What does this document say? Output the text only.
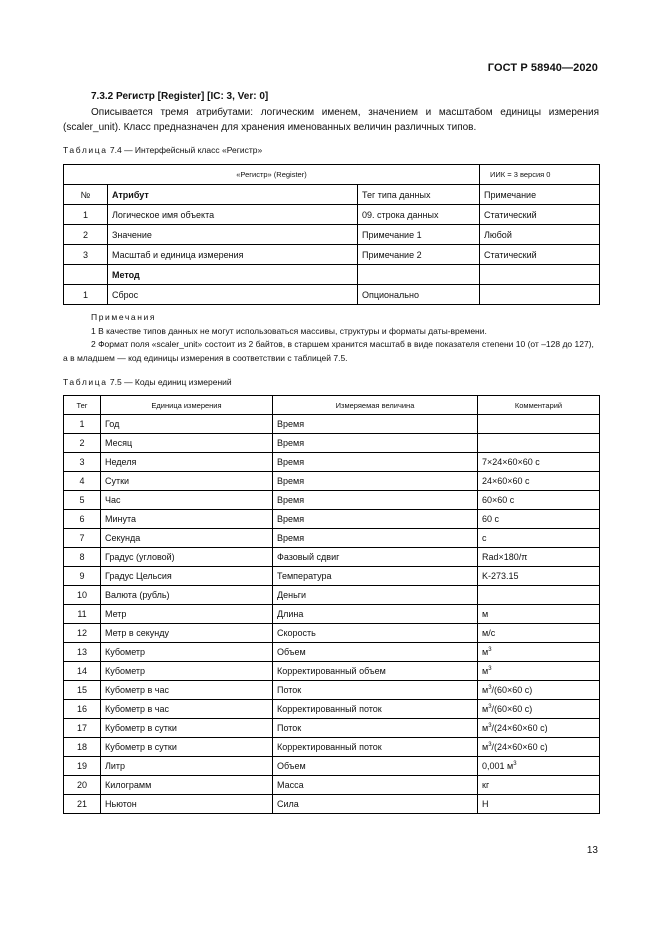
ГОСТ Р 58940—2020
7.3.2 Регистр [Register] [IC: 3, Ver: 0]
Описывается тремя атрибутами: логическим именем, значением и масштабом единицы измерения (scaler_unit). Класс предназначен для хранения именованных величин различных типов.
Таблица 7.4 — Интерфейсный класс «Регистр»
«Регистр» (Register)			ИИК = 3 версия 0
№	Атрибут	Тег типа данных	Примечание
1	Логическое имя объекта	09. строка данных	Статический
2	Значение	Примечание 1	Любой
3	Масштаб и единица измерения	Примечание 2	Статический
	Метод		
1	Сброс	Опционально	
Примечания
1 В качестве типов данных не могут использоваться массивы, структуры и форматы даты-времени.
2 Формат поля «scaler_unit» состоит из 2 байтов, в старшем хранится масштаб в виде показателя степени 10 (от –128 до 127), а в младшем — код единицы измерения в соответствии с таблицей 7.5.
Таблица 7.5 — Коды единиц измерений
Тег	Единица измерения	Измеряемая величина	Комментарий
1	Год	Время	
2	Месяц	Время	
3	Неделя	Время	7×24×60×60 с
4	Сутки	Время	24×60×60 с
5	Час	Время	60×60 с
6	Минута	Время	60 с
7	Секунда	Время	с
8	Градус (угловой)	Фазовый сдвиг	Rad×180/π
9	Градус Цельсия	Температура	K-273.15
10	Валюта (рубль)	Деньги	
11	Метр	Длина	м
12	Метр в секунду	Скорость	м/с
13	Кубометр	Объем	$м^3$
14	Кубометр	Корректированный объем	$м^3$
15	Кубометр в час	Поток	$м^3/(60\times 60$ с)
16	Кубометр в час	Корректированный поток	$м^3/(60\times 60$ с)
17	Кубометр в сутки	Поток	$м^3/(24\times 60\times 60$ с)
18	Кубометр в сутки	Корректированный поток	$м^3/(24\times 60\times 60$ с)
19	Литр	Объем	0,001 $м^3$
20	Килограмм	Масса	кг
21	Ньютон	Сила	Н
13
